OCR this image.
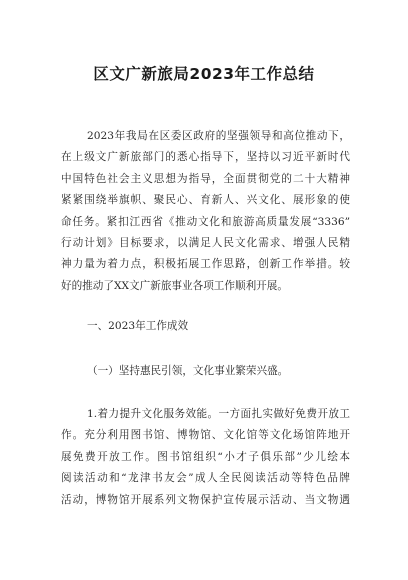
区文广新旅局2023年工作总结
2023年我局在区委区政府的坚强领导和高位推动下，
在上级文广新旅部门的悉心指导下，坚持以习近平新时代
中国特色社会主义思想为指导，全面贯彻党的二十大精神
紧紧围绕举旗帜、聚民心、育新人、兴文化、展形象的使
命任务。紧扣江西省《推动文化和旅游高质量发展“3336”
行动计划》目标要求，以满足人民文化需求、增强人民精
神力量为着力点，积极拓展工作思路，创新工作举措。较
好的推动了XX文广新旅事业各项工作顺利开展。
一、2023年工作成效
（一）坚持惠民引领，文化事业繁荣兴盛。
1.着力提升文化服务效能。一方面扎实做好免费开放工
作。充分利用图书馆、博物馆、文化馆等文化场馆阵地开
展免费开放工作。图书馆组织“小才子俱乐部”少儿绘本
阅读活动和“龙津书友会”成人全民阅读活动等特色品牌
活动，博物馆开展系列文物保护宣传展示活动、当文物遇
